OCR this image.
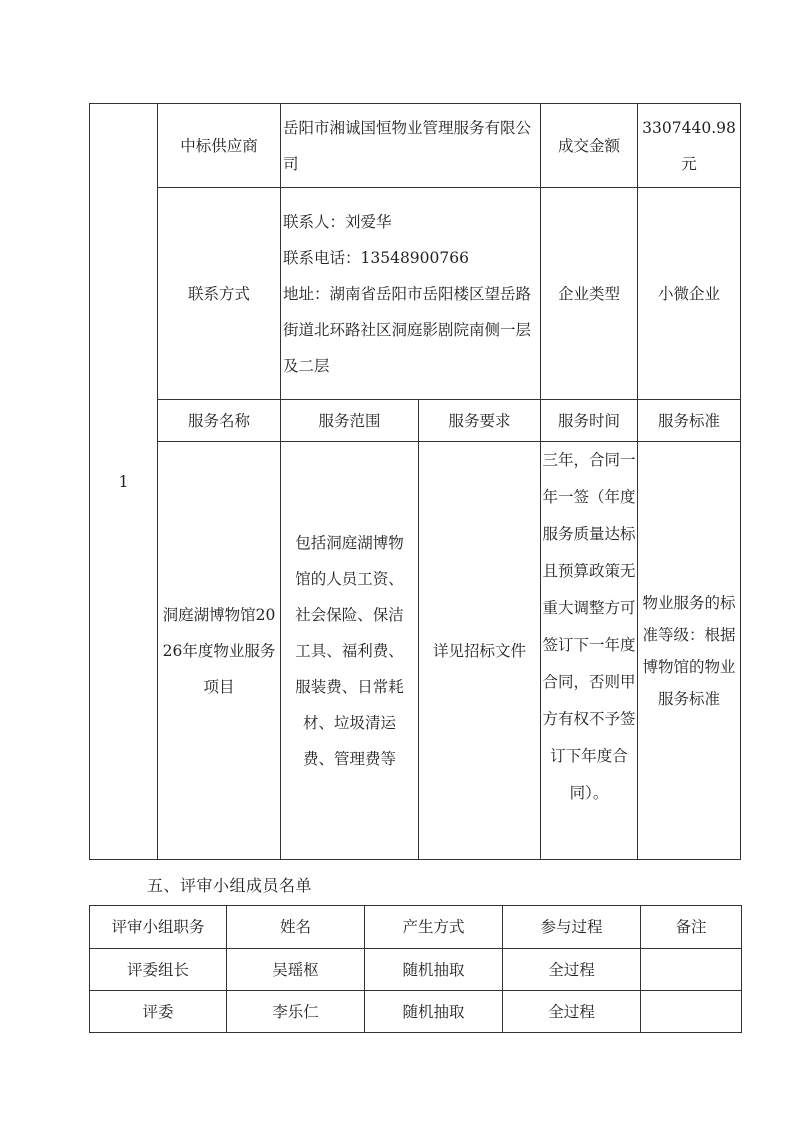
1	中标供应商	岳阳市湘诚国恒物业管理服务有限公司		成交金额	3307440.98元
	联系方式	联系人：刘爱华
联系电话：13548900766
地址：湖南省岳阳市岳阳楼区望岳路街道北环路社区洞庭影剧院南侧一层及二层		企业类型	小微企业
	服务名称	服务范围	服务要求	服务时间	服务标准
	洞庭湖博物馆2026年度物业服务项目	包括洞庭湖博物馆的人员工资、社会保险、保洁工具、福利费、服装费、日常耗材、垃圾清运费、管理费等	详见招标文件	三年，合同一年一签（年度服务质量达标且预算政策无重大调整方可签订下一年度合同，否则甲方有权不予签订下年度合同）。	物业服务的标准等级：根据博物馆的物业服务标准
五、评审小组成员名单
评审小组职务	姓名	产生方式	参与过程	备注
评委组长	吴瑶枢	随机抽取	全过程	
评委	李乐仁	随机抽取	全过程	
